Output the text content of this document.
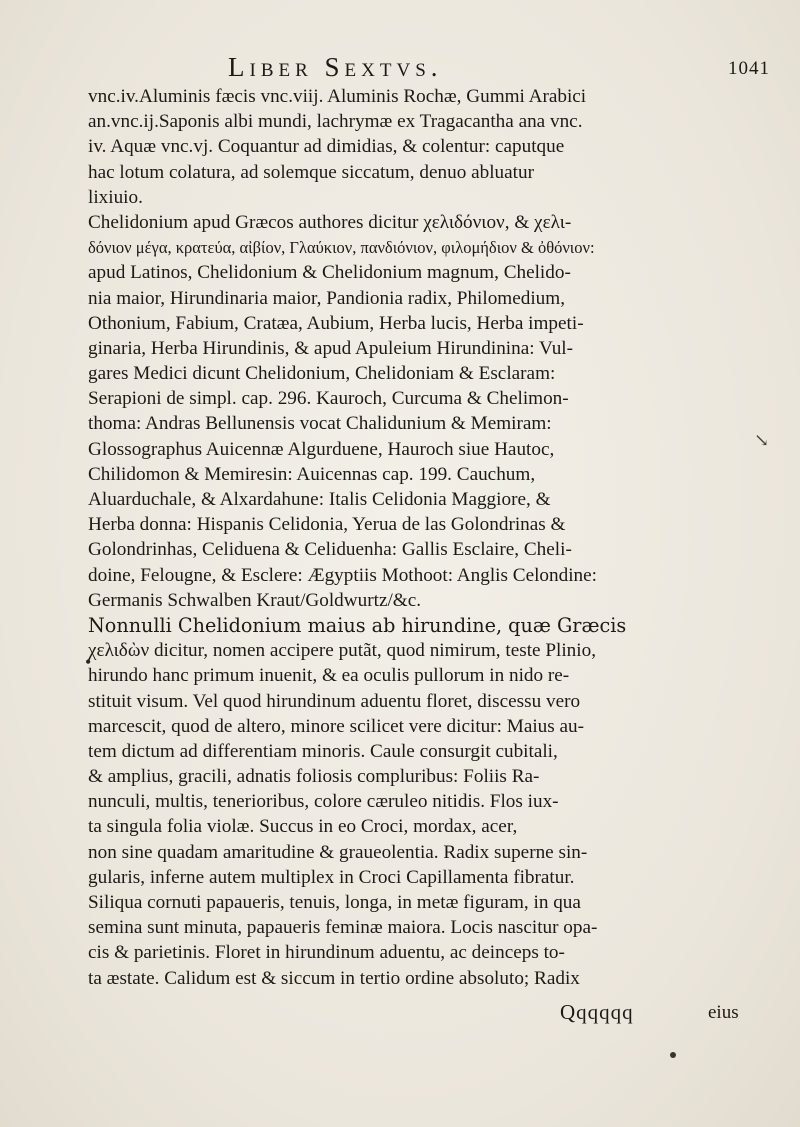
Liber Sextvs.	1041
vnc.iv.Aluminis fæcis vnc.viij. Aluminis Rochæ, Gummi Arabici
an.vnc.ij.Saponis albi mundi, lachrymæ ex Tragacantha ana vnc.
iv. Aquæ vnc.vj. Coquantur ad dimidias, & colentur: caputque
hac lotum colatura, ad solemque siccatum, denuo abluatur
lixiuio.
Chelidonium apud Græcos authores dicitur χελιδόνιον, & χελι-
δόνιον μέγα, κρατεύα, αἰβίον, Γλαύκιον, πανδιόνιον, φιλομήδιον & ὀθόνιον:
apud Latinos, Chelidonium & Chelidonium magnum, Chelido-
nia maior, Hirundinaria maior, Pandionia radix, Philomedium,
Othonium, Fabium, Cratæa, Aubium, Herba lucis, Herba impeti-
ginaria, Herba Hirundinis, & apud Apuleium Hirundinina: Vul-
gares Medici dicunt Chelidonium, Chelidoniam & Esclaram:
Serapioni de simpl. cap. 296. Kauroch, Curcuma & Chelimon-
thoma: Andras Bellunensis vocat Chalidunium & Memiram:
Glossographus Auicennæ Algurduene, Hauroch siue Hautoc,
Chilidomon & Memiresin: Auicennas cap. 199. Cauchum,
Aluarduchale, & Alxardahune: Italis Celidonia Maggiore, &
Herba donna: Hispanis Celidonia, Yerua de las Golondrinas &
Golondrinhas, Celiduena & Celiduenha: Gallis Esclaire, Cheli-
doine, Felougne, & Esclere: Ægyptiis Mothoot: Anglis Celondine:
Germanis Schwalben Kraut/Goldwurtz/&c.
Nonnulli Chelidonium maius ab hirundine, quæ Græcis
χελιδὼν dicitur, nomen accipere putãt, quod nimirum, teste Plinio,
hirundo hanc primum inuenit, & ea oculis pullorum in nido re-
stituit visum. Vel quod hirundinum aduentu floret, discessu vero
marcescit, quod de altero, minore scilicet vere dicitur: Maius au-
tem dictum ad differentiam minoris. Caule consurgit cubitali,
& amplius, gracili, adnatis foliosis compluribus: Foliis Ra-
nunculi, multis, tenerioribus, colore cæruleo nitidis. Flos iux-
ta singula folia violæ. Succus in eo Croci, mordax, acer,
non sine quadam amaritudine & graueolentia. Radix superne sin-
gularis, inferne autem multiplex in Croci Capillamenta fibratur.
Siliqua cornuti papaueris, tenuis, longa, in metæ figuram, in qua
semina sunt minuta, papaueris feminæ maiora. Locis nascitur opa-
cis & parietinis. Floret in hirundinum aduentu, ac deinceps to-
ta æstate. Calidum est & siccum in tertio ordine absoluto; Radix
Qqqqqq	eius
↘
•
